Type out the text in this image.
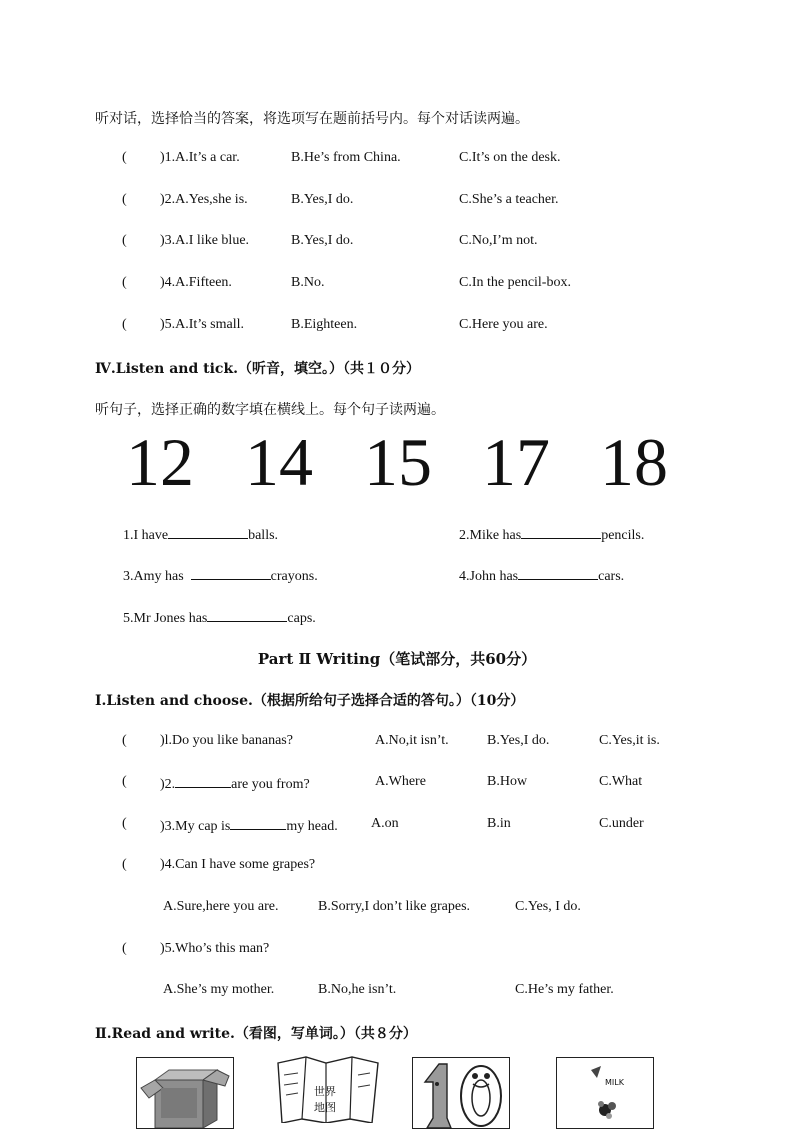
听对话，选择恰当的答案，将选项写在题前括号内。每个对话读两遍。
( )1.A.It’s a car.	B.He’s from China.	C.It’s on the desk.
( )2.A.Yes,she is.	B.Yes,I do.	C.She’s a teacher.
( )3.A.I like blue.	B.Yes,I do.	C.No,I’m not.
( )4.A.Fifteen.	B.No.	C.In the pencil-box.
( )5.A.It’s small.	B.Eighteen.	C.Here you are.
Ⅳ.Listen and tick.（听音，填空。）（共１０分）
听句子，选择正确的数字填在横线上。每个句子读两遍。
12 14 15 17 18
1.I have	balls.	2.Mike has	pencils.
3.Amy has	crayons.	4.John has	cars.
5.Mr Jones has	caps.
Part Ⅱ Writing（笔试部分，共60分）
Ⅰ.Listen and choose.（根据所给句子选择合适的答句。）（10分）
( )l.Do you like bananas?	A.No,it isn’t.	B.Yes,I do.	C.Yes,it is.
( )2.	are you from?	A.Where	B.How	C.What
( )3.My cap is	my head. A.on	B.in	C.under
( )4.Can I have some grapes?
A.Sure,here you are.	B.Sorry,I don’t like grapes.	C.Yes, I do.
( )5.Who’s this man?
A.She’s my mother.	B.No,he isn’t.	C.He’s my father.
Ⅱ.Read and write.（看图，写单词。）（共８分）
世界
地图
MILK
